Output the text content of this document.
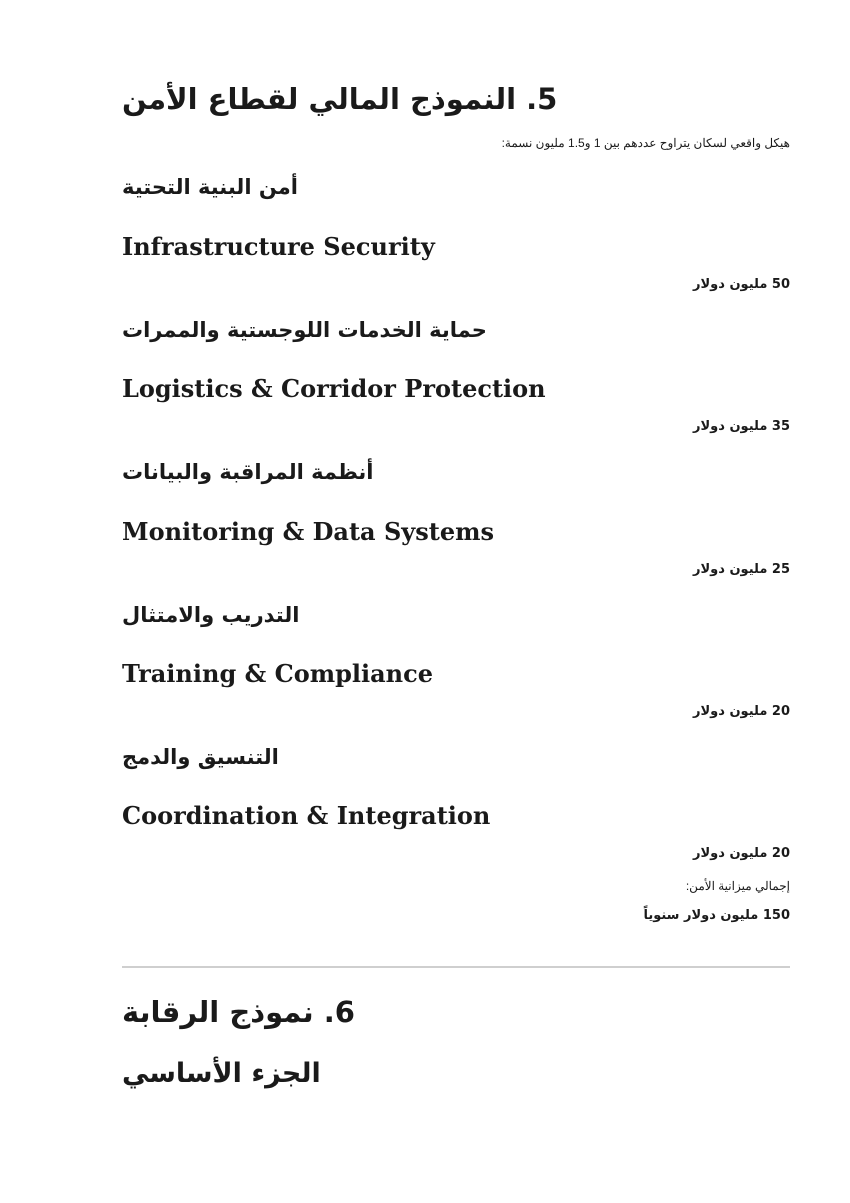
5. النموذج المالي لقطاع الأمن
هيكل واقعي لسكان يتراوح عددهم بين 1 و1.5 مليون نسمة:
أمن البنية التحتية
Infrastructure Security
50 مليون دولار
حماية الخدمات اللوجستية والممرات
Logistics & Corridor Protection
35 مليون دولار
أنظمة المراقبة والبيانات
Monitoring & Data Systems
25 مليون دولار
التدريب والامتثال
Training & Compliance
20 مليون دولار
التنسيق والدمج
Coordination & Integration
20 مليون دولار
إجمالي ميزانية الأمن:
150 مليون دولار سنوياً
6. نموذج الرقابة
الجزء الأساسي
